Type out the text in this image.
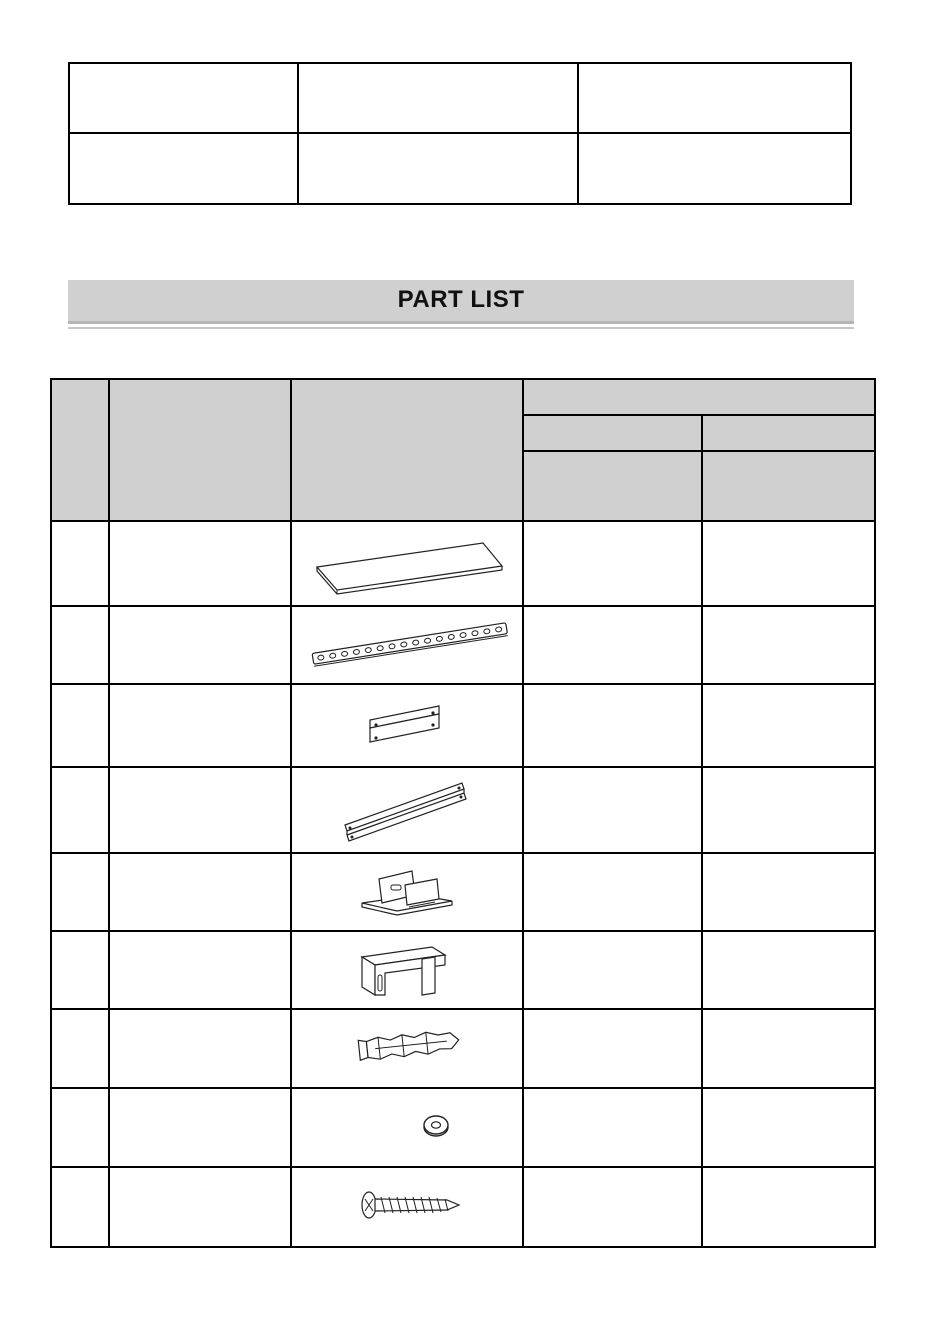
PART LIST
